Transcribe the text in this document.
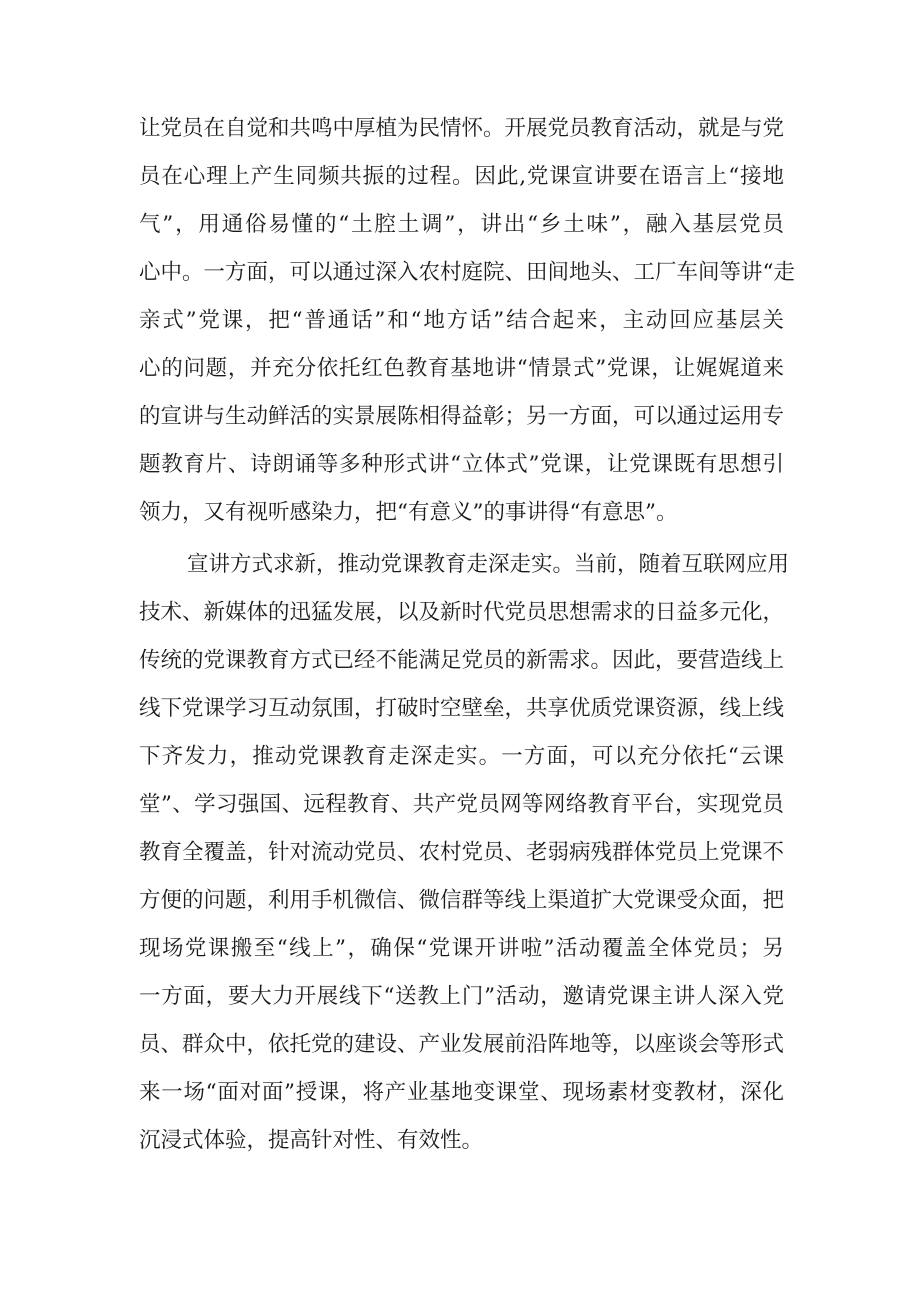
让党员在自觉和共鸣中厚植为民情怀。开展党员教育活动，就是与党
员在心理上产生同频共振的过程。因此,党课宣讲要在语言上“接地
气”，用通俗易懂的“土腔土调”，讲出“乡土味”，融入基层党员
心中。一方面，可以通过深入农村庭院、田间地头、工厂车间等讲“走
亲式”党课，把“普通话”和“地方话”结合起来，主动回应基层关
心的问题，并充分依托红色教育基地讲“情景式”党课，让娓娓道来
的宣讲与生动鲜活的实景展陈相得益彰；另一方面，可以通过运用专
题教育片、诗朗诵等多种形式讲“立体式”党课，让党课既有思想引
领力，又有视听感染力，把“有意义”的事讲得“有意思”。
宣讲方式求新，推动党课教育走深走实。当前，随着互联网应用
技术、新媒体的迅猛发展，以及新时代党员思想需求的日益多元化，
传统的党课教育方式已经不能满足党员的新需求。因此，要营造线上
线下党课学习互动氛围，打破时空壁垒，共享优质党课资源，线上线
下齐发力，推动党课教育走深走实。一方面，可以充分依托“云课
堂”、学习强国、远程教育、共产党员网等网络教育平台，实现党员
教育全覆盖，针对流动党员、农村党员、老弱病残群体党员上党课不
方便的问题，利用手机微信、微信群等线上渠道扩大党课受众面，把
现场党课搬至“线上”，确保“党课开讲啦”活动覆盖全体党员；另
一方面，要大力开展线下“送教上门”活动，邀请党课主讲人深入党
员、群众中，依托党的建设、产业发展前沿阵地等，以座谈会等形式
来一场“面对面”授课，将产业基地变课堂、现场素材变教材，深化
沉浸式体验，提高针对性、有效性。
